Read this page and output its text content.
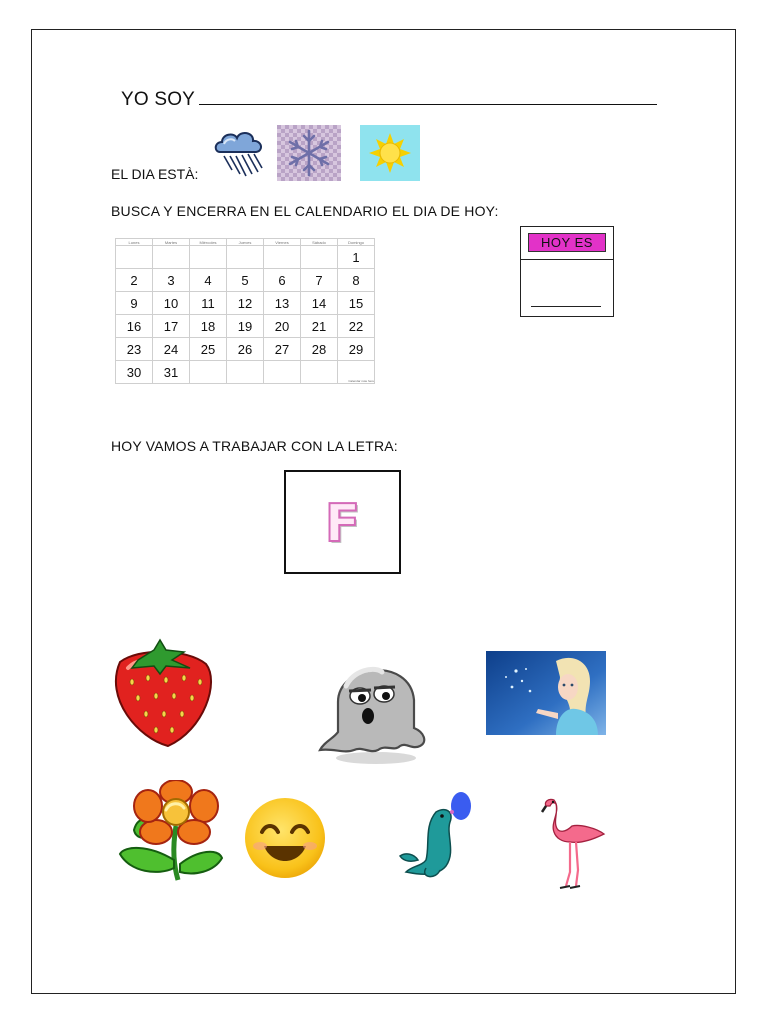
YO SOY
EL DIA ESTÀ:
BUSCA Y ENCERRA EN EL CALENDARIO EL DIA DE HOY:
Lunes	Martes	Miércoles	Jueves	Viernes	Sábado	Domingo
						1
2	3	4	5	6	7	8
9	10	11	12	13	14	15
16	17	18	19	20	21	22
23	24	25	26	27	28	29
30	31					Calendar note here
HOY ES
HOY VAMOS A TRABAJAR CON LA LETRA:
F
